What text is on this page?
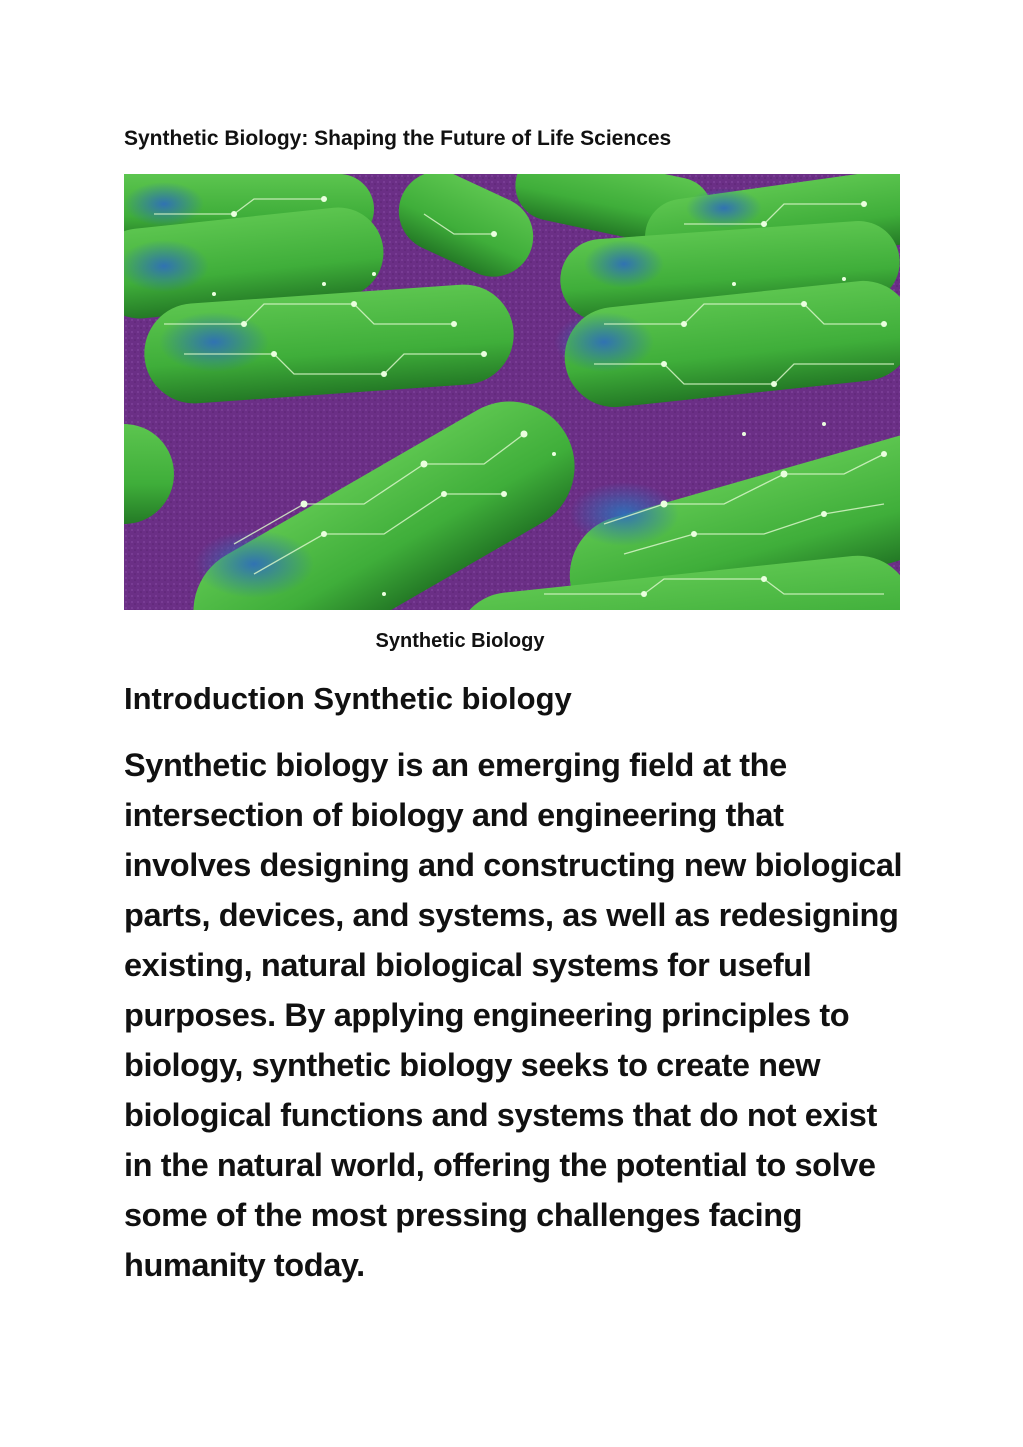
Synthetic Biology: Shaping the Future of Life Sciences

Synthetic Biology

Introduction Synthetic biology

Synthetic biology is an emerging field at the intersection of biology and engineering that involves designing and constructing new biological parts, devices, and systems, as well as redesigning existing, natural biological systems for useful purposes. By applying engineering principles to biology, synthetic biology seeks to create new biological functions and systems that do not exist in the natural world, offering the potential to solve some of the most pressing challenges facing humanity today.
